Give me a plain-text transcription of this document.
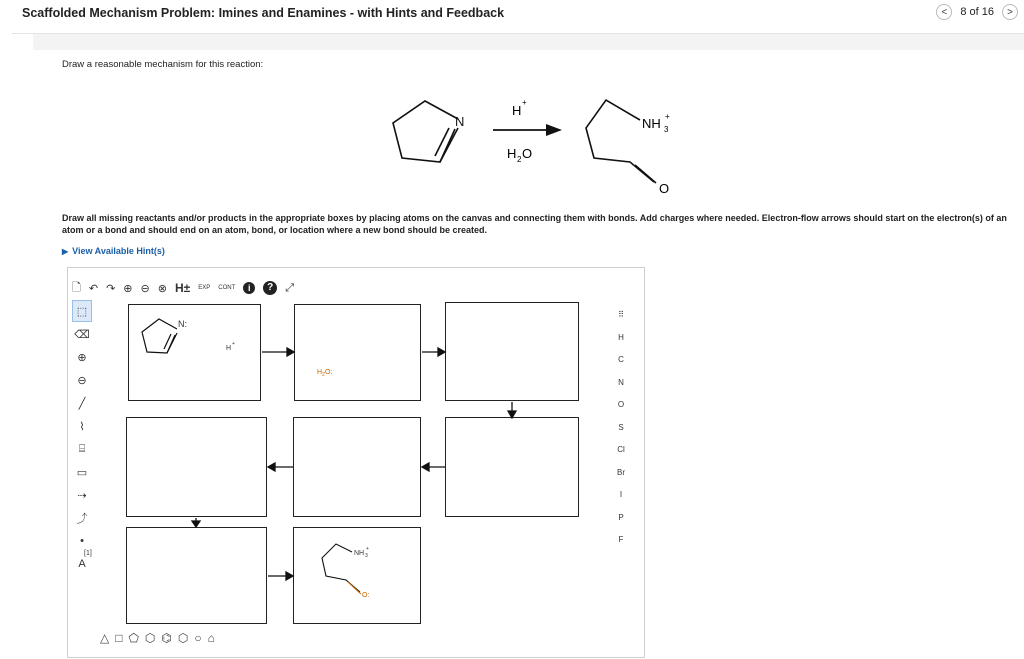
Scaffolded Mechanism Problem: Imines and Enamines - with Hints and Feedback	<	8 of 16	>
Draw a reasonable mechanism for this reaction:
N
H
+
H 2 O
NH 3
+
O
Draw all missing reactants and/or products in the appropriate boxes by placing atoms on the canvas and connecting them with bonds. Add charges where needed. Electron-flow arrows should start on the electron(s) of an atom or a bond and should end on an atom, bond, or location where a new bond should be created.
▶ View Available Hint(s)
🗋 ↶ ↷ ⊕ ⊖ ⊗ H± EXP CONT	i	?	⤢
⬚
⌫
⊕
⊖
╱
⌇
⌸
▭
⇢
⤴
•
A
[1]
⠿
H
C
N
O
S
Cl
Br
I
P
F
△ □ ⬠ ⬡ ⌬ ⬡ ○ ⌂
N:
H
+
H 2 O:
NH 3
+
O:
